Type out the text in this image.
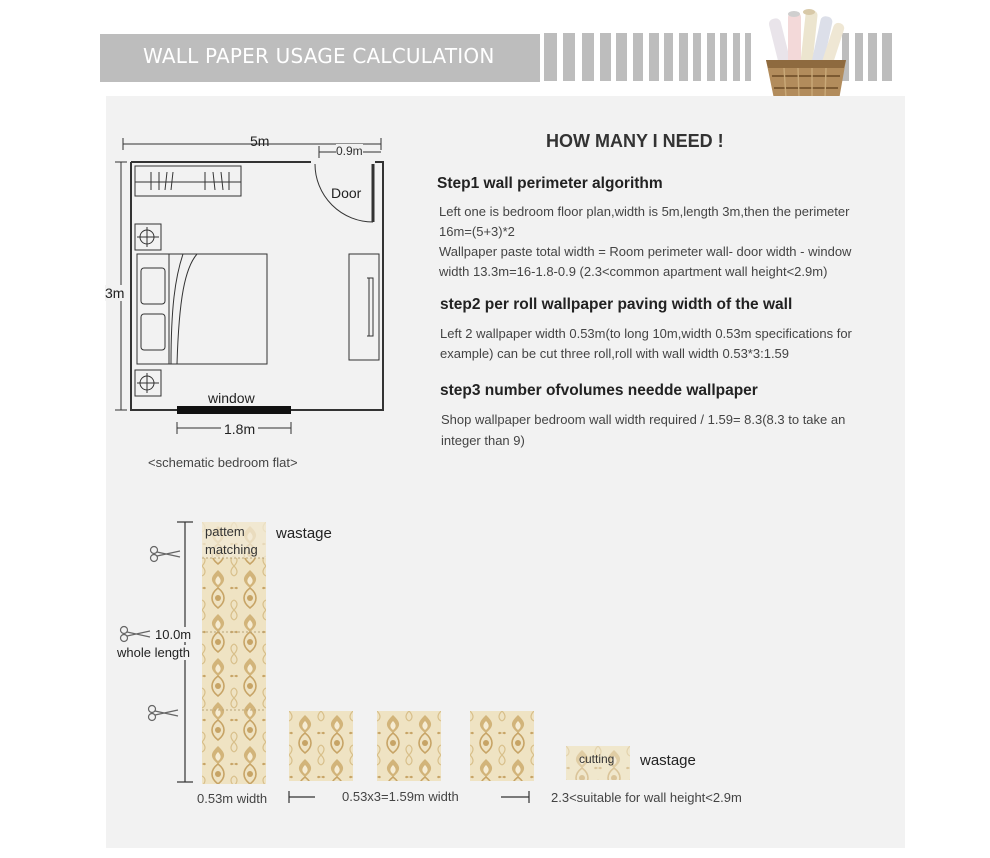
WALL PAPER USAGE CALCULATION
5m
0.9m
Door
3m
window
1.8m
<schematic bedroom flat>
HOW MANY I NEED !
Step1 wall perimeter algorithm
Left one is bedroom floor plan,width is 5m,length 3m,then the perimeter
16m=(5+3)*2
Wallpaper paste total width = Room perimeter wall- door width - window
width 13.3m=16-1.8-0.9 (2.3<common apartment wall height<2.9m)
step2 per roll wallpaper paving width of the wall
Left 2 wallpaper width 0.53m(to long 10m,width 0.53m specifications for
example) can be cut three roll,roll with wall width 0.53*3:1.59
step3 number ofvolumes needde wallpaper
Shop wallpaper bedroom wall width required / 1.59= 8.3(8.3 to take an
integer than 9)
pattem
matching
wastage
10.0m
whole length
cutting wastage
0.53m width	0.53x3=1.59m width	2.3<suitable for wall height<2.9m
